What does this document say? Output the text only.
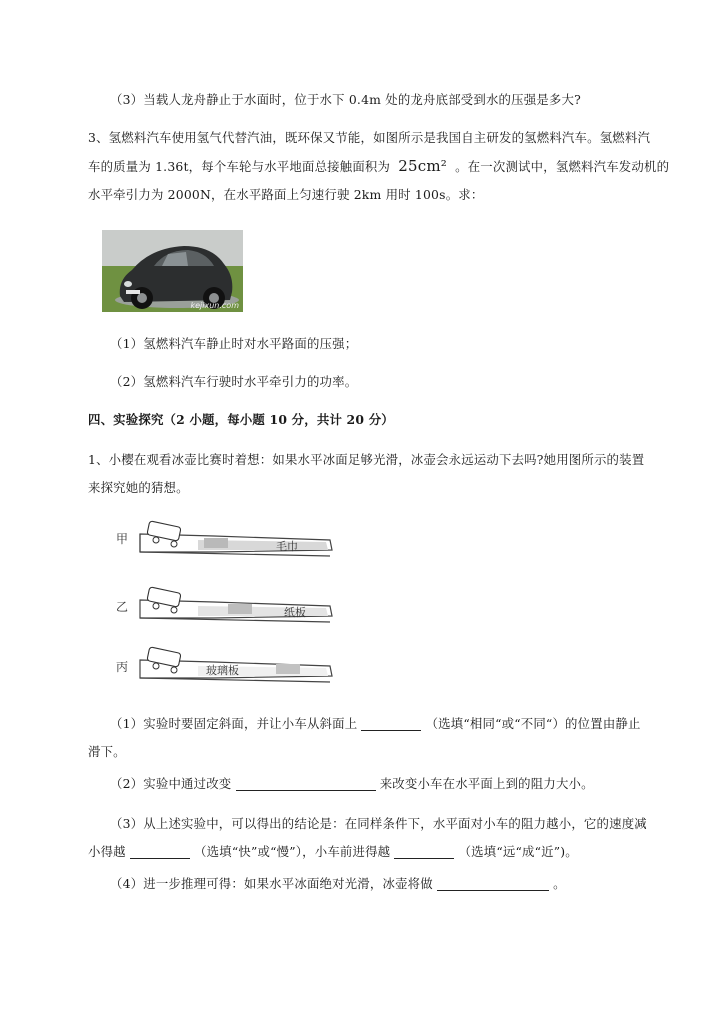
（3）当载人龙舟静止于水面时，位于水下 0.4m 处的龙舟底部受到水的压强是多大?
3、氢燃料汽车使用氢气代替汽油，既环保又节能，如图所示是我国自主研发的氢燃料汽车。氢燃料汽
车的质量为 1.36t，每个车轮与水平地面总接触面积为 25cm² 。在一次测试中，氢燃料汽车发动机的
水平牵引力为 2000N，在水平路面上匀速行驶 2km 用时 100s。求：
kejixun.com
（1）氢燃料汽车静止时对水平路面的压强；
（2）氢燃料汽车行驶时水平牵引力的功率。
四、实验探究（2 小题，每小题 10 分，共计 20 分）
1、小樱在观看冰壶比赛时着想：如果水平冰面足够光滑，冰壶会永远运动下去吗?她用图所示的装置
来探究她的猜想。
甲
毛巾
乙	纸板
丙	玻璃板
（1）实验时要固定斜面，并让小车从斜面上	（选填“相同“或“不同“）的位置由静止
滑下。
（2）实验中通过改变	来改变小车在水平面上到的阻力大小。
（3）从上述实验中，可以得出的结论是：在同样条件下，水平面对小车的阻力越小，它的速度减
小得越	（选填“快”或“慢”），小车前进得越	（选填“远“成“近”)。
（4）进一步推理可得：如果水平冰面绝对光滑，冰壶将做	。
